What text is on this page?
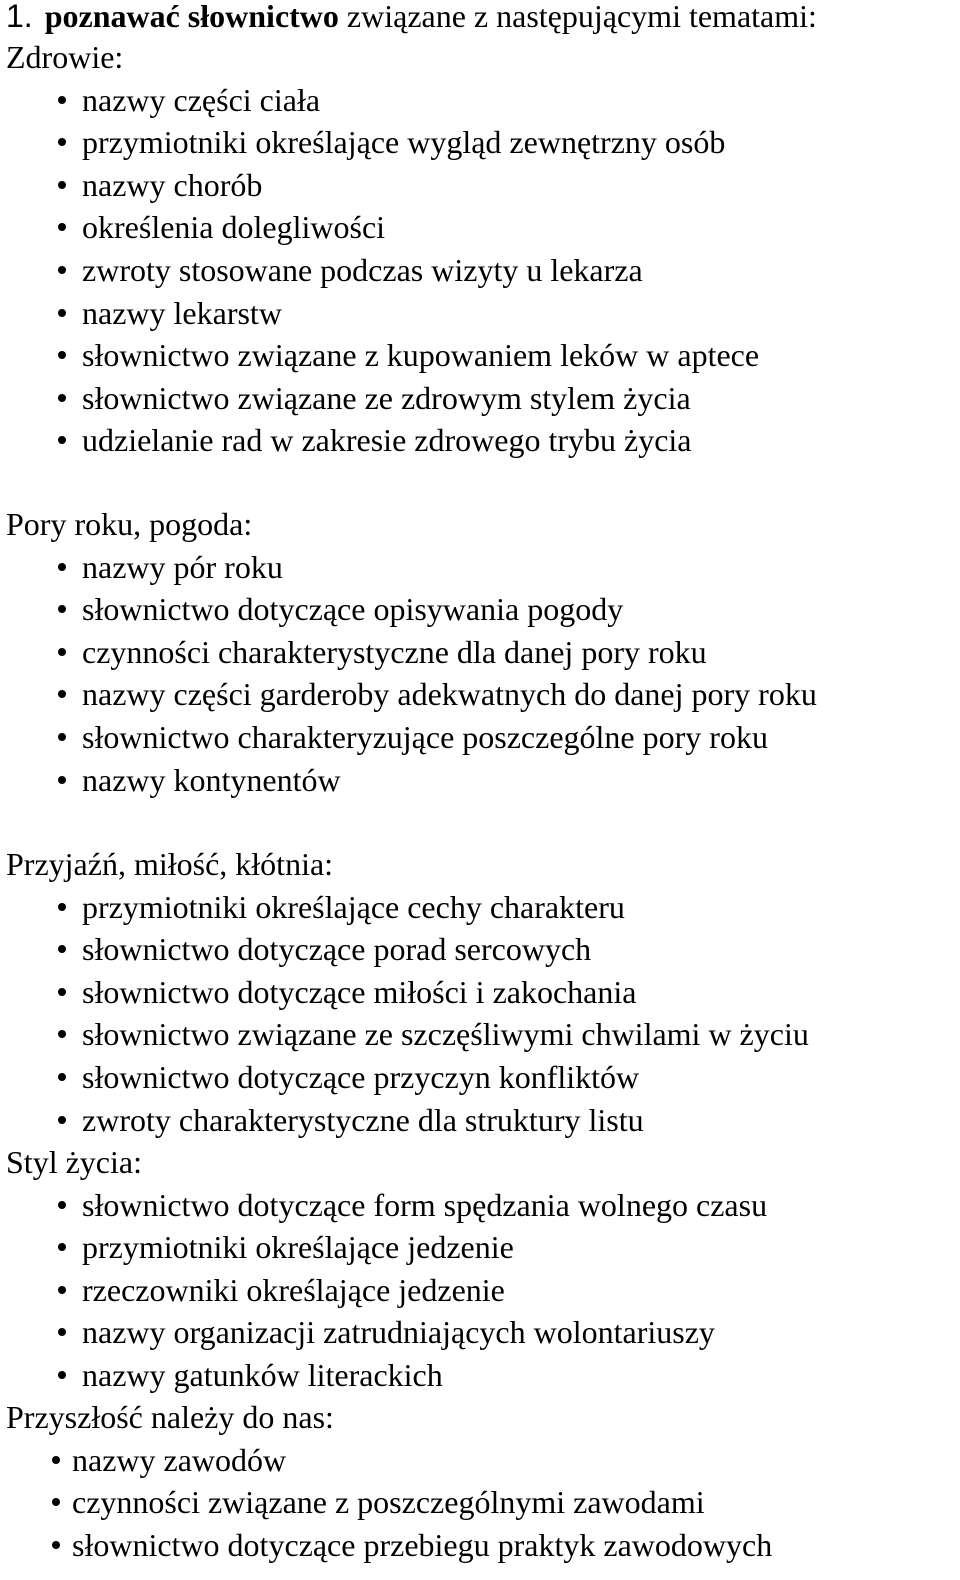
1. poznawać słownictwo związane z następującymi tematami:
Zdrowie:
nazwy części ciała
przymiotniki określające wygląd zewnętrzny osób
nazwy chorób
określenia dolegliwości
zwroty stosowane podczas wizyty u lekarza
nazwy lekarstw
słownictwo związane z kupowaniem leków w aptece
słownictwo związane ze zdrowym stylem życia
udzielanie rad w zakresie zdrowego trybu życia
Pory roku, pogoda:
nazwy pór roku
słownictwo dotyczące opisywania pogody
czynności charakterystyczne dla danej pory roku
nazwy części garderoby adekwatnych do danej pory roku
słownictwo charakteryzujące poszczególne pory roku
nazwy kontynentów
Przyjaźń, miłość, kłótnia:
przymiotniki określające cechy charakteru
słownictwo dotyczące porad sercowych
słownictwo dotyczące miłości i zakochania
słownictwo związane ze szczęśliwymi chwilami w życiu
słownictwo dotyczące przyczyn konfliktów
zwroty charakterystyczne dla struktury listu
Styl życia:
słownictwo dotyczące form spędzania wolnego czasu
przymiotniki określające jedzenie
rzeczowniki określające jedzenie
nazwy organizacji zatrudniających wolontariuszy
nazwy gatunków literackich
Przyszłość należy do nas:
nazwy zawodów
czynności związane z poszczególnymi zawodami
słownictwo dotyczące przebiegu praktyk zawodowych
